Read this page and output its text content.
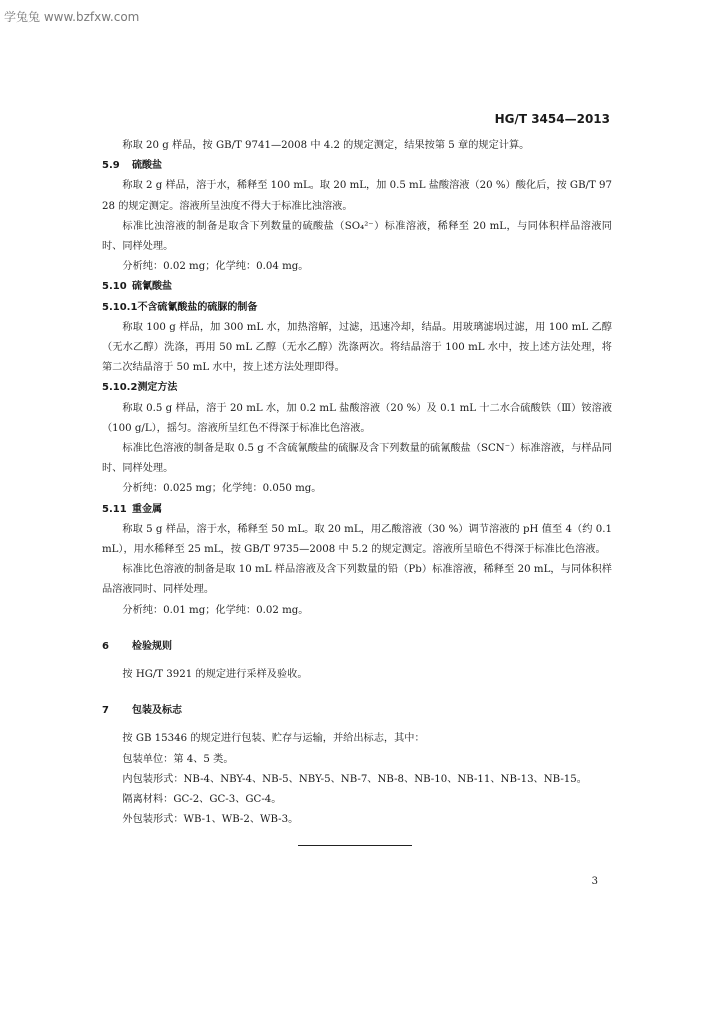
学兔兔 www.bzfxw.com
HG/T 3454—2013

称取 20 g 样品，按 GB/T 9741—2008 中 4.2 的规定测定，结果按第 5 章的规定计算。

5.9 硫酸盐

称取 2 g 样品，溶于水，稀释至 100 mL。取 20 mL，加 0.5 mL 盐酸溶液（20 %）酸化后，按 GB/T 9728 的规定测定。溶液所呈浊度不得大于标准比浊溶液。

标准比浊溶液的制备是取含下列数量的硫酸盐（SO₄²⁻）标准溶液，稀释至 20 mL，与同体积样品溶液同时、同样处理。

分析纯：0.02 mg；化学纯：0.04 mg。

5.10 硫氰酸盐

5.10.1不含硫氰酸盐的硫脲的制备

称取 100 g 样品，加 300 mL 水，加热溶解，过滤，迅速冷却，结晶。用玻璃滤埚过滤，用 100 mL 乙醇（无水乙醇）洗涤，再用 50 mL 乙醇（无水乙醇）洗涤两次。将结晶溶于 100 mL 水中，按上述方法处理，将第二次结晶溶于 50 mL 水中，按上述方法处理即得。

5.10.2测定方法

称取 0.5 g 样品，溶于 20 mL 水，加 0.2 mL 盐酸溶液（20 %）及 0.1 mL 十二水合硫酸铁（Ⅲ）铵溶液（100 g/L），摇匀。溶液所呈红色不得深于标准比色溶液。

标准比色溶液的制备是取 0.5 g 不含硫氰酸盐的硫脲及含下列数量的硫氰酸盐（SCN⁻）标准溶液，与样品同时、同样处理。

分析纯：0.025 mg；化学纯：0.050 mg。

5.11 重金属

称取 5 g 样品，溶于水，稀释至 50 mL。取 20 mL，用乙酸溶液（30 %）调节溶液的 pH 值至 4（约 0.1 mL），用水稀释至 25 mL，按 GB/T 9735—2008 中 5.2 的规定测定。溶液所呈暗色不得深于标准比色溶液。

标准比色溶液的制备是取 10 mL 样品溶液及含下列数量的铅（Pb）标准溶液，稀释至 20 mL，与同体积样品溶液同时、同样处理。

分析纯：0.01 mg；化学纯：0.02 mg。

6 检验规则

按 HG/T 3921 的规定进行采样及验收。

7 包装及标志

按 GB 15346 的规定进行包装、贮存与运输，并给出标志，其中：

包装单位：第 4、5 类。

内包装形式：NB-4、NBY-4、NB-5、NBY-5、NB-7、NB-8、NB-10、NB-11、NB-13、NB-15。

隔离材料：GC-2、GC-3、GC-4。

外包装形式：WB-1、WB-2、WB-3。

3
